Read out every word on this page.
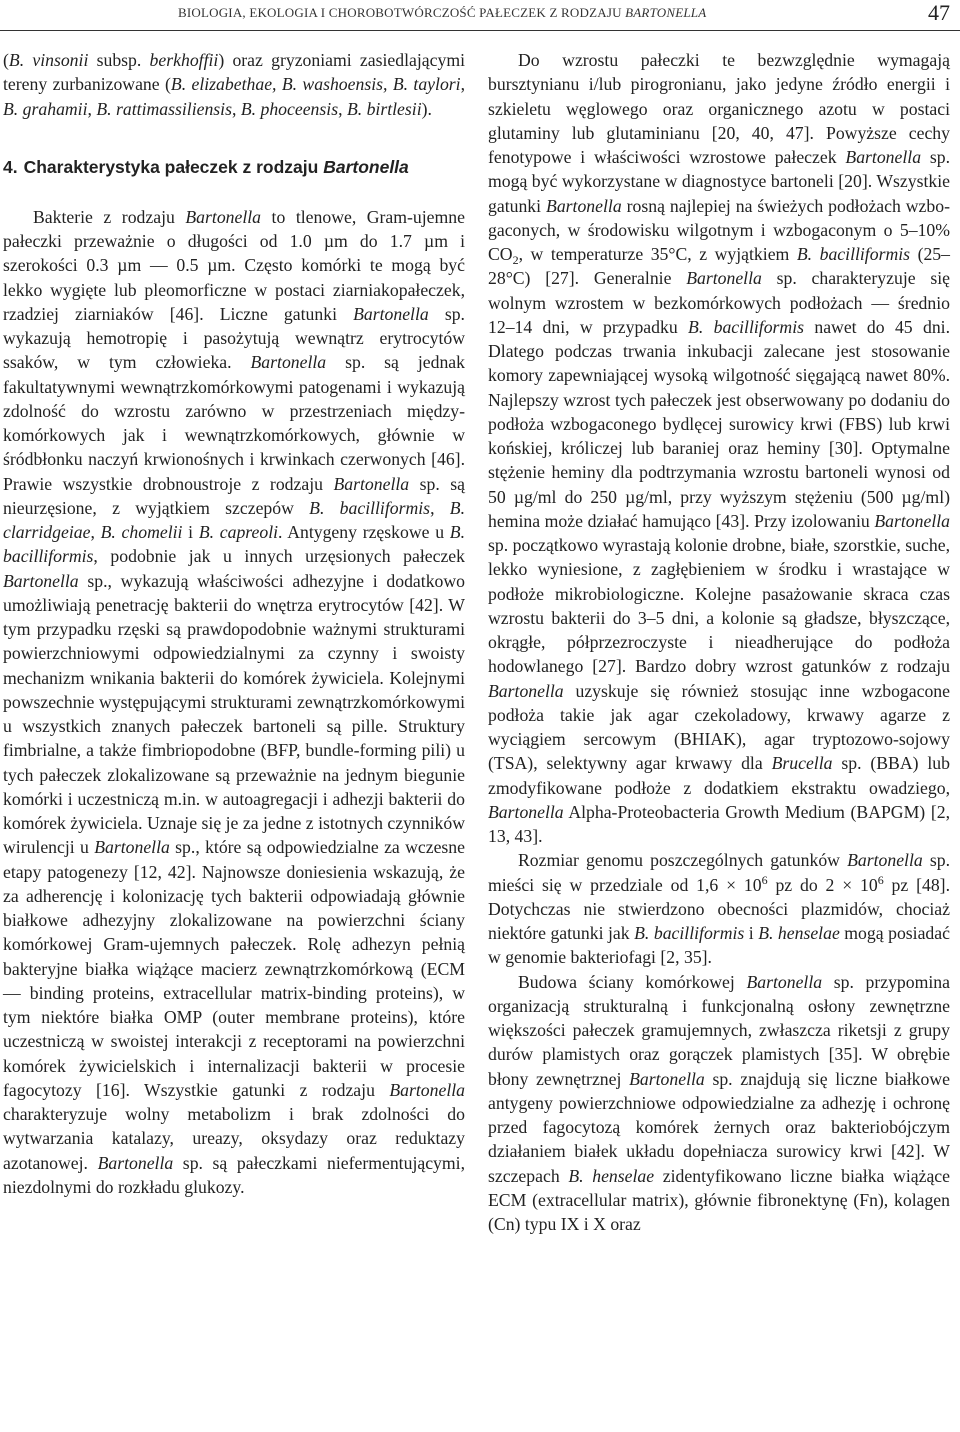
BIOLOGIA, EKOLOGIA I CHOROBOTWÓRCZOŚĆ PAŁECZEK Z RODZAJU BARTONELLA	47

(B. vinsonii subsp. berkhoffii) oraz gryzoniami zasiedlającymi tereny zurbanizowane (B. elizabethae, B. washoensis, B. taylori, B. grahamii, B. rattimassiliensis, B. phoceensis, B. birtlesii).

4. Charakterystyka pałeczek z rodzaju Bartonella

Bakterie z rodzaju Bartonella to tlenowe, Gram-ujemne pałeczki przeważnie o długości od 1.0 µm do 1.7 µm i szerokości 0.3 µm — 0.5 µm. Często komórki te mogą być lekko wygięte lub pleomorficzne w postaci ziarniakopałeczek, rzadziej ziarniaków [46]. Liczne gatunki Bartonella sp. wykazują hemotropię i pasożytują wewnątrz erytrocytów ssaków, w tym człowieka. Bartonella sp. są jednak fakultatywnymi wewnątrzkomórkowymi patogenami i wykazują zdolność do wzrostu zarówno w przestrzeniach międzykomórkowych jak i wewnątrzkomórkowych, głównie w śródbłonku naczyń krwionośnych i krwinkach czerwonych [46]. Prawie wszystkie drobnoustroje z rodzaju Bartonella sp. są nieurzęsione, z wyjątkiem szczepów B. bacilliformis, B. clarridgeiae, B. chomelii i B. capreoli. Antygeny rzęskowe u B. bacilliformis, podobnie jak u innych urzęsionych pałeczek Bartonella sp., wykazują właściwości adhezyjne i dodatkowo umożliwiają penetrację bakterii do wnętrza erytrocytów [42]. W tym przypadku rzęski są prawdopodobnie ważnymi strukturami powierzchniowymi odpowiedzialnymi za czynny i swoisty mechanizm wnikania bakterii do komórek żywiciela. Kolejnymi powszechnie występującymi strukturami zewnątrzkomórkowymi u wszystkich znanych pałeczek bartoneli są pille. Struktury fimbrialne, a także fimbriopodobne (BFP, bundle-forming pili) u tych pałeczek zlokalizowane są przeważnie na jednym biegunie komórki i uczestniczą m.in. w autoagregacji i adhezji bakterii do komórek żywiciela. Uznaje się je za jedne z istotnych czynników wirulencji u Bartonella sp., które są odpowiedzialne za wczesne etapy patogenezy [12, 42]. Najnowsze doniesienia wskazują, że za adherencję i kolonizację tych bakterii odpowiadają głównie białkowe adhezyjny zlokalizowane na powierzchni ściany komórkowej Gram-ujemnych pałeczek. Rolę adhezyn pełnią bakteryjne białka wiążące macierz zewnątrzkomórkową (ECM — binding proteins, extracellular matrix-binding proteins), w tym niektóre białka OMP (outer membrane proteins), które uczestniczą w swoistej interakcji z receptorami na powierzchni komórek żywicielskich i internalizacji bakterii w procesie fagocytozy [16]. Wszystkie gatunki z rodzaju Bartonella charakteryzuje wolny metabolizm i brak zdolności do wytwarzania katalazy, ureazy, oksydazy oraz reduktazy azotanowej. Bartonella sp. są pałeczkami niefermentującymi, niezdolnymi do rozkładu glukozy.

Do wzrostu pałeczki te bezwzględnie wymagają bursztynianu i/lub pirogronianu, jako jedyne źródło energii i szkieletu węglowego oraz organicznego azotu w postaci glutaminy lub glutaminianu [20, 40, 47]. Powyższe cechy fenotypowe i właściwości wzrostowe pałeczek Bartonella sp. mogą być wykorzystane w diagnostyce bartoneli [20]. Wszystkie gatunki Bartonella rosną najlepiej na świeżych podłożach wzbogaconych, w środowisku wilgotnym i wzbogaconym o 5–10% $CO_2$, w temperaturze 35°C, z wyjątkiem B. bacilliformis (25–28°C) [27]. Generalnie Bartonella sp. charakteryzuje się wolnym wzrostem w bezkomórkowych podłożach — średnio 12–14 dni, w przypadku B. bacilliformis nawet do 45 dni. Dlatego podczas trwania inkubacji zalecane jest stosowanie komory zapewniającej wysoką wilgotność sięgającą nawet 80%. Najlepszy wzrost tych pałeczek jest obserwowany po dodaniu do podłoża wzbogaconego bydlęcej surowicy krwi (FBS) lub krwi końskiej, króliczej lub baraniej oraz heminy [30]. Optymalne stężenie heminy dla podtrzymania wzrostu bartoneli wynosi od 50 µg/ml do 250 µg/ml, przy wyższym stężeniu (500 µg/ml) hemina może działać hamująco [43]. Przy izolowaniu Bartonella sp. początkowo wyrastają kolonie drobne, białe, szorstkie, suche, lekko wyniesione, z zagłębieniem w środku i wrastające w podłoże mikrobiologiczne. Kolejne pasażowanie skraca czas wzrostu bakterii do 3–5 dni, a kolonie są gładsze, błyszczące, okrągłe, półprzezroczyste i nieadherujące do podłoża hodowlanego [27]. Bardzo dobry wzrost gatunków z rodzaju Bartonella uzyskuje się również stosując inne wzbogacone podłoża takie jak agar czekoladowy, krwawy agarze z wyciągiem sercowym (BHIAK), agar tryptozowo-sojowy (TSA), selektywny agar krwawy dla Brucella sp. (BBA) lub zmodyfikowane podłoże z dodatkiem ekstraktu owadziego, Bartonella Alpha-Proteobacteria Growth Medium (BAPGM) [2, 13, 43].

Rozmiar genomu poszczególnych gatunków Bartonella sp. mieści się w przedziale od $1,6 \times 10^6$ pz do $2 \times 10^6$ pz [48]. Dotychczas nie stwierdzono obecności plazmidów, chociaż niektóre gatunki jak B. bacilliformis i B. henselae mogą posiadać w genomie bakteriofagi [2, 35].

Budowa ściany komórkowej Bartonella sp. przypomina organizacją strukturalną i funkcjonalną osłony zewnętrzne większości pałeczek gramujemnych, zwłaszcza riketsji z grupy durów plamistych oraz gorączek plamistych [35]. W obrębie błony zewnętrznej Bartonella sp. znajdują się liczne białkowe antygeny powierzchniowe odpowiedzialne za adhezję i ochronę przed fagocytozą komórek żernych oraz bakteriobójczym działaniem białek układu dopełniacza surowicy krwi [42]. W szczepach B. henselae zidentyfikowano liczne białka wiążące ECM (extracellular matrix), głównie fibronektynę (Fn), kolagen (Cn) typu IX i X oraz
